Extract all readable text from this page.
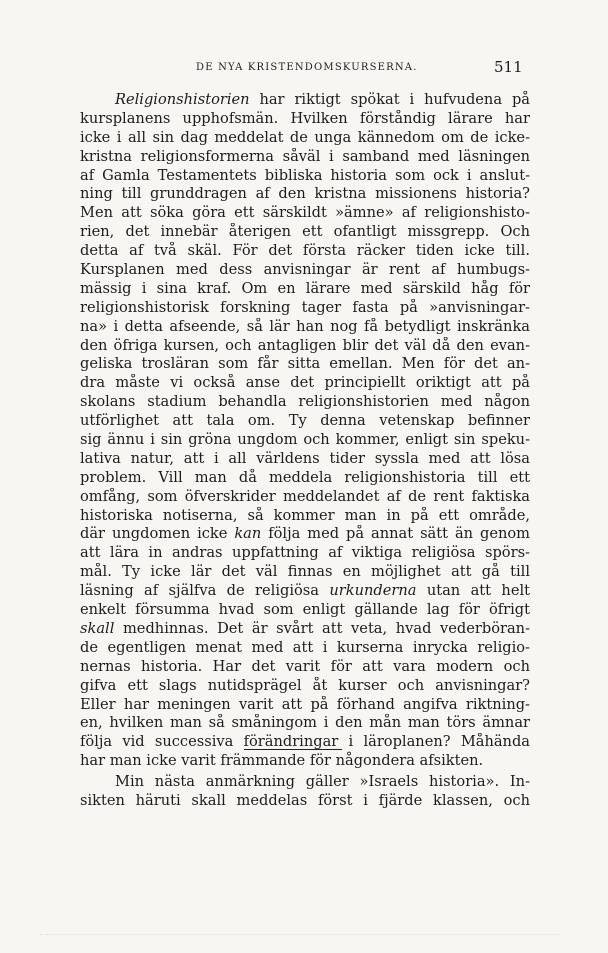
DE NYA KRISTENDOMSKURSERNA.	511
Religionshistorien har riktigt spökat i hufvudena på
kursplanens upphofsmän. Hvilken förståndig lärare har
icke i all sin dag meddelat de unga kännedom om de icke-
kristna religionsformerna såväl i samband med läsningen
af Gamla Testamentets bibliska historia som ock i anslut-
ning till grunddragen af den kristna missionens historia?
Men att söka göra ett särskildt »ämne» af religionshisto-
rien, det innebär återigen ett ofantligt missgrepp. Och
detta af två skäl. För det första räcker tiden icke till.
Kursplanen med dess anvisningar är rent af humbugs-
mässig i sina kraf. Om en lärare med särskild håg för
religionshistorisk forskning tager fasta på »anvisningar-
na» i detta afseende, så lär han nog få betydligt inskränka
den öfriga kursen, och antagligen blir det väl då den evan-
geliska trosläran som får sitta emellan. Men för det an-
dra måste vi också anse det principiellt oriktigt att på
skolans stadium behandla religionshistorien med någon
utförlighet att tala om. Ty denna vetenskap befinner
sig ännu i sin gröna ungdom och kommer, enligt sin speku-
lativa natur, att i all världens tider syssla med att lösa
problem. Vill man då meddela religionshistoria till ett
omfång, som öfverskrider meddelandet af de rent faktiska
historiska notiserna, så kommer man in på ett område,
där ungdomen icke kan följa med på annat sätt än genom
att lära in andras uppfattning af viktiga religiösa spörs-
mål. Ty icke lär det väl finnas en möjlighet att gå till
läsning af själfva de religiösa urkunderna utan att helt
enkelt försumma hvad som enligt gällande lag för öfrigt
skall medhinnas. Det är svårt att veta, hvad vederböran-
de egentligen menat med att i kurserna inrycka religio-
nernas historia. Har det varit för att vara modern och
gifva ett slags nutidsprägel åt kurser och anvisningar?
Eller har meningen varit att på förhand angifva riktning-
en, hvilken man så småningom i den mån man törs ämnar
följa vid successiva förändringar i läroplanen? Måhända
har man icke varit främmande för någondera afsikten.
Min nästa anmärkning gäller »Israels historia». In-
sikten häruti skall meddelas först i fjärde klassen, och
